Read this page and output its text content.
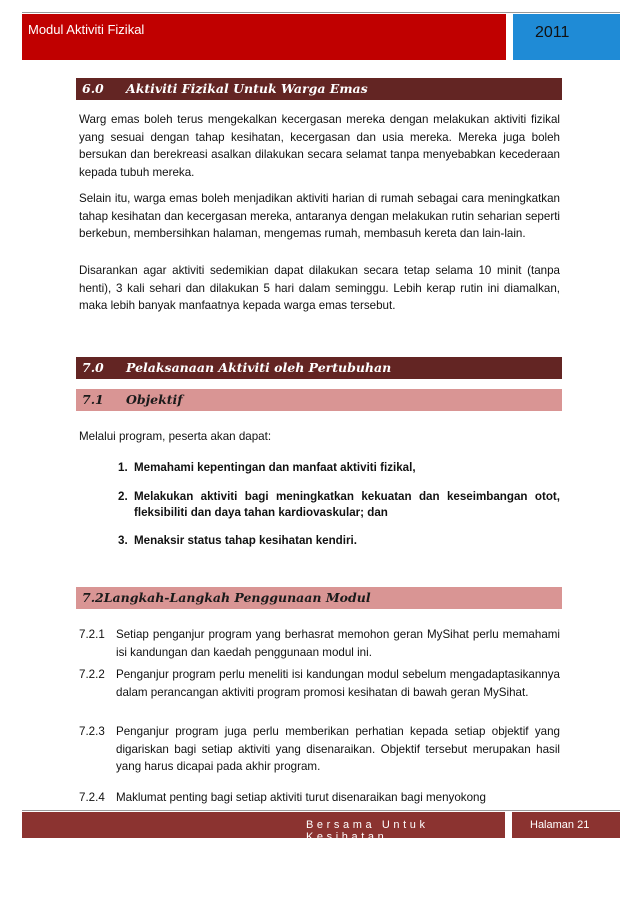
Modul Aktiviti Fizikal	2011
6.0 Aktiviti Fizikal Untuk Warga Emas

Warg emas boleh terus mengekalkan kecergasan mereka dengan melakukan aktiviti fizikal yang sesuai dengan tahap kesihatan, kecergasan dan usia mereka. Mereka juga boleh bersukan dan berekreasi asalkan dilakukan secara selamat tanpa menyebabkan kecederaan kepada tubuh mereka.

Selain itu, warga emas boleh menjadikan aktiviti harian di rumah sebagai cara meningkatkan tahap kesihatan dan kecergasan mereka, antaranya dengan melakukan rutin seharian seperti berkebun, membersihkan halaman, mengemas rumah, membasuh kereta dan lain-lain.

Disarankan agar aktiviti sedemikian dapat dilakukan secara tetap selama 10 minit (tanpa henti), 3 kali sehari dan dilakukan 5 hari dalam seminggu. Lebih kerap rutin ini diamalkan, maka lebih banyak manfaatnya kepada warga emas tersebut.

7.0 Pelaksanaan Aktiviti oleh Pertubuhan
7.1 Objektif

Melalui program, peserta akan dapat:

1. Memahami kepentingan dan manfaat aktiviti fizikal,
2. Melakukan aktiviti bagi meningkatkan kekuatan dan keseimbangan otot, fleksibiliti dan daya tahan kardiovaskular; dan
3. Menaksir status tahap kesihatan kendiri.
7.2Langkah-Langkah Penggunaan Modul
7.2.1 Setiap penganjur program yang berhasrat memohon geran MySihat perlu memahami isi kandungan dan kaedah penggunaan modul ini.
7.2.2 Penganjur program perlu meneliti isi kandungan modul sebelum mengadaptasikannya dalam perancangan aktiviti program promosi kesihatan di bawah geran MySihat.
7.2.3 Penganjur program juga perlu memberikan perhatian kepada setiap objektif yang digariskan bagi setiap aktiviti yang disenaraikan. Objektif tersebut merupakan hasil yang harus dicapai pada akhir program.
7.2.4 Maklumat penting bagi setiap aktiviti turut disenaraikan bagi menyokong
Bersama Untuk Kesihatan
Halaman 21
